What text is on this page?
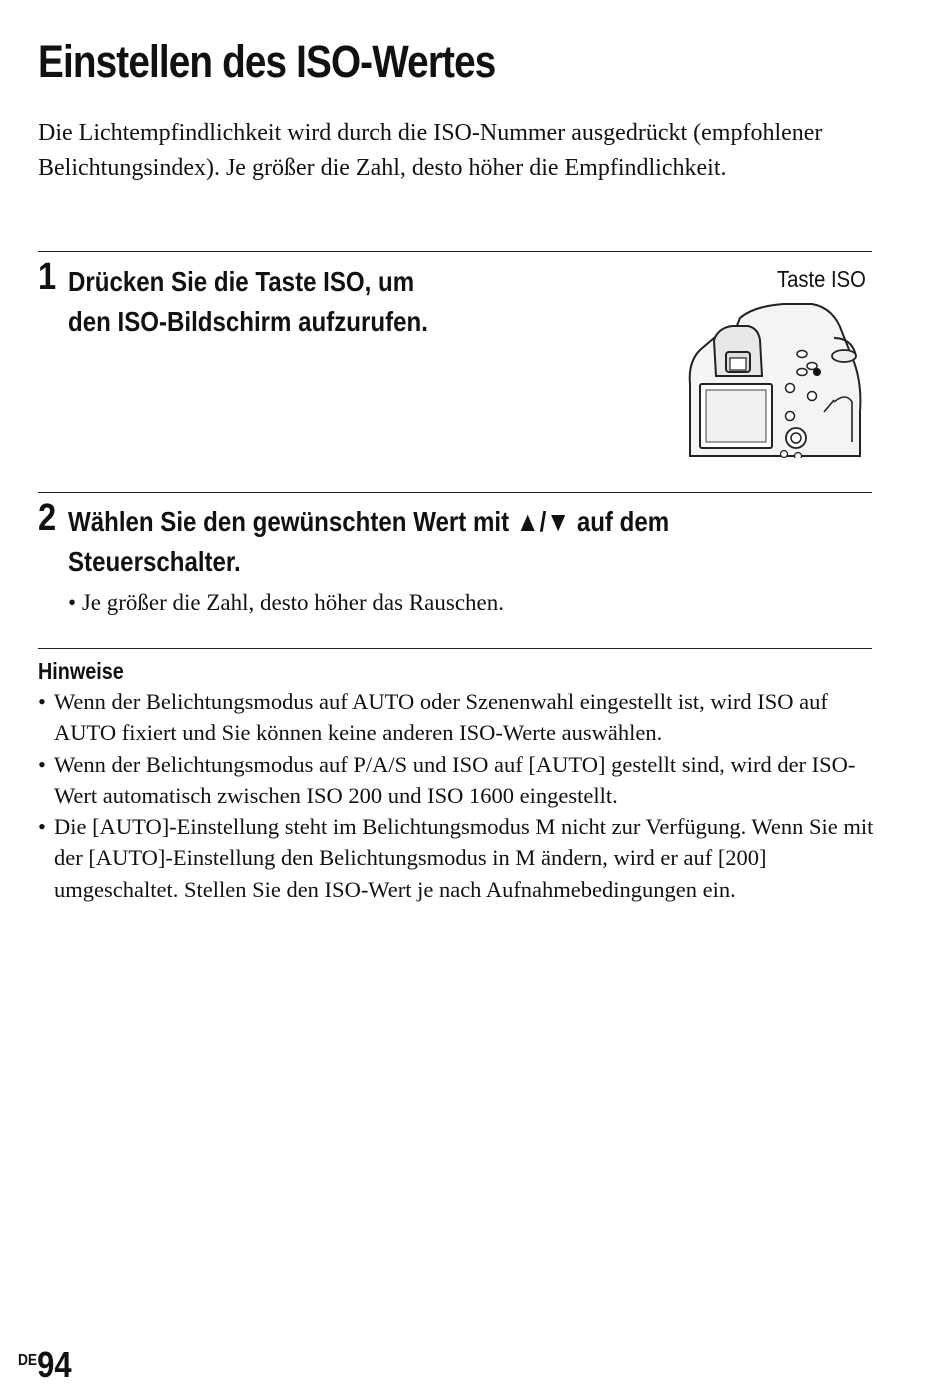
Einstellen des ISO-Wertes

Die Lichtempfindlichkeit wird durch die ISO-Nummer ausgedrückt (empfohlener Belichtungsindex). Je größer die Zahl, desto höher die Empfindlichkeit.

1 Drücken Sie die Taste ISO, um
den ISO-Bildschirm aufzurufen.
Taste ISO
2 Wählen Sie den gewünschten Wert mit ▲/▼ auf dem
Steuerschalter.
• Je größer die Zahl, desto höher das Rauschen.
Hinweise
• Wenn der Belichtungsmodus auf AUTO oder Szenenwahl eingestellt ist, wird ISO auf AUTO fixiert und Sie können keine anderen ISO-Werte auswählen.
• Wenn der Belichtungsmodus auf P/A/S und ISO auf [AUTO] gestellt sind, wird der ISO-Wert automatisch zwischen ISO 200 und ISO 1600 eingestellt.
• Die [AUTO]-Einstellung steht im Belichtungsmodus M nicht zur Verfügung. Wenn Sie mit der [AUTO]-Einstellung den Belichtungsmodus in M ändern, wird er auf [200] umgeschaltet. Stellen Sie den ISO-Wert je nach Aufnahmebedingungen ein.
DE94
